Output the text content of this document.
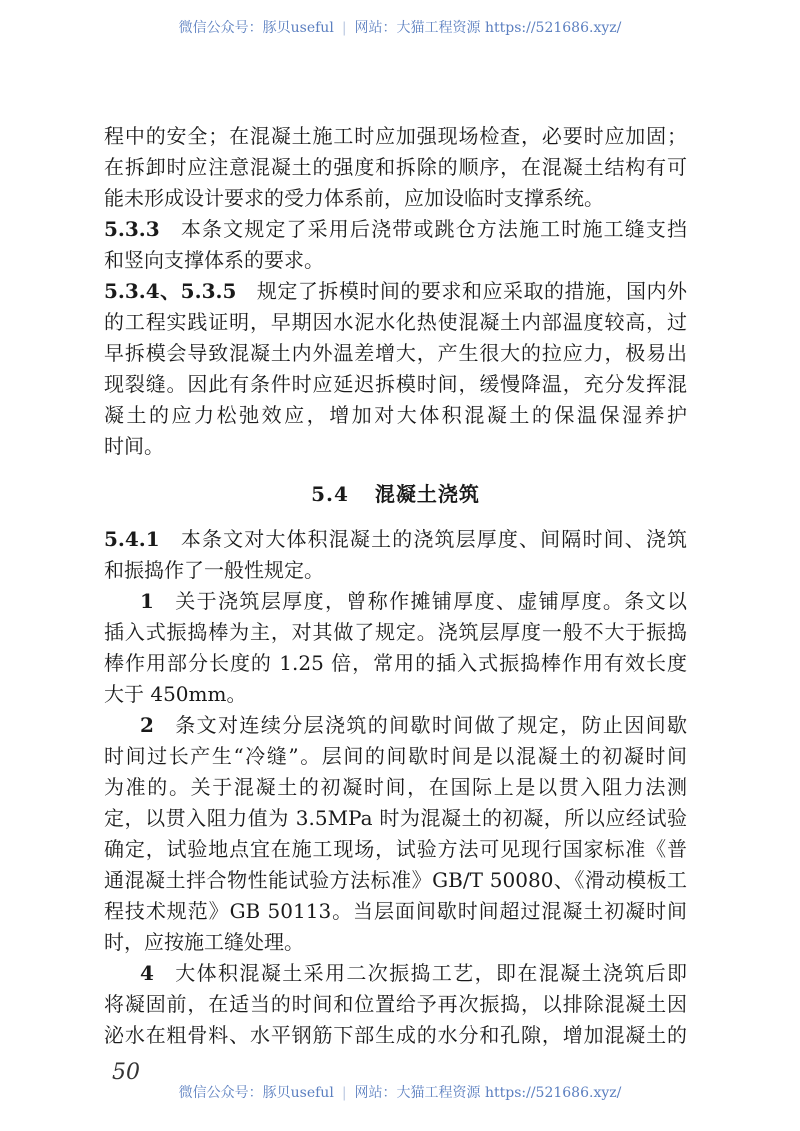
微信公众号：豚贝useful | 网站：大猫工程资源 https://521686.xyz/
程中的安全；在混凝土施工时应加强现场检查，必要时应加固；
在拆卸时应注意混凝土的强度和拆除的顺序，在混凝土结构有可
能未形成设计要求的受力体系前，应加设临时支撑系统。
5.3.3 本条文规定了采用后浇带或跳仓方法施工时施工缝支挡
和竖向支撑体系的要求。
5.3.4、5.3.5 规定了拆模时间的要求和应采取的措施，国内外
的工程实践证明，早期因水泥水化热使混凝土内部温度较高，过
早拆模会导致混凝土内外温差增大，产生很大的拉应力，极易出
现裂缝。因此有条件时应延迟拆模时间，缓慢降温，充分发挥混
凝土的应力松弛效应，增加对大体积混凝土的保温保湿养护
时间。
5.4 混凝土浇筑
5.4.1 本条文对大体积混凝土的浇筑层厚度、间隔时间、浇筑
和振捣作了一般性规定。
1 关于浇筑层厚度，曾称作摊铺厚度、虚铺厚度。条文以
插入式振捣棒为主，对其做了规定。浇筑层厚度一般不大于振捣
棒作用部分长度的 1.25 倍，常用的插入式振捣棒作用有效长度
大于 450mm。
2 条文对连续分层浇筑的间歇时间做了规定，防止因间歇
时间过长产生“冷缝”。层间的间歇时间是以混凝土的初凝时间
为准的。关于混凝土的初凝时间，在国际上是以贯入阻力法测
定，以贯入阻力值为 3.5MPa 时为混凝土的初凝，所以应经试验
确定，试验地点宜在施工现场，试验方法可见现行国家标准《普
通混凝土拌合物性能试验方法标准》GB/T 50080、《滑动模板工
程技术规范》GB 50113。当层面间歇时间超过混凝土初凝时间
时，应按施工缝处理。
4 大体积混凝土采用二次振捣工艺，即在混凝土浇筑后即
将凝固前，在适当的时间和位置给予再次振捣，以排除混凝土因
泌水在粗骨料、水平钢筋下部生成的水分和孔隙，增加混凝土的
50
微信公众号：豚贝useful | 网站：大猫工程资源 https://521686.xyz/
